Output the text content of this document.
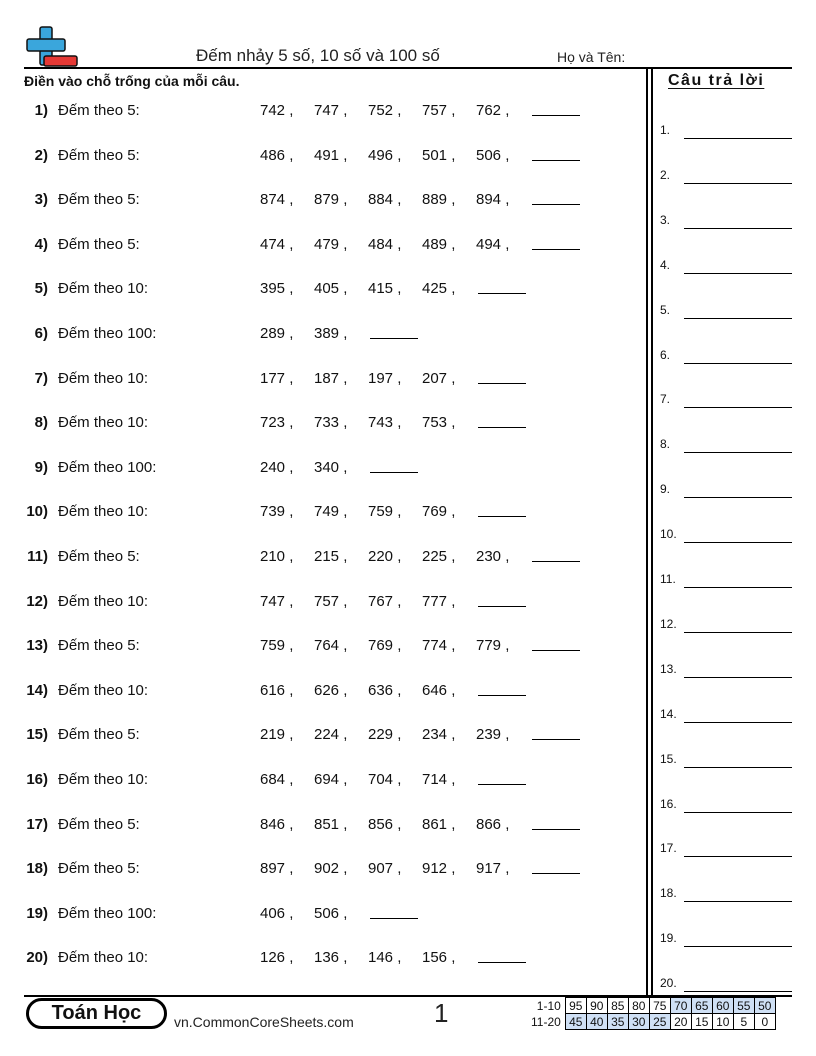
Đếm nhảy 5 số, 10 số và 100 số	Họ và Tên:
Điền vào chỗ trống của mỗi câu.
1) Đếm theo 5:	742 ,	747 ,	752 ,	757 ,	762 ,
2) Đếm theo 5:	486 ,	491 ,	496 ,	501 ,	506 ,
3) Đếm theo 5:	874 ,	879 ,	884 ,	889 ,	894 ,
4) Đếm theo 5:	474 ,	479 ,	484 ,	489 ,	494 ,
5) Đếm theo 10:	395 ,	405 ,	415 ,	425 ,
6) Đếm theo 100:	289 ,	389 ,
7) Đếm theo 10:	177 ,	187 ,	197 ,	207 ,
8) Đếm theo 10:	723 ,	733 ,	743 ,	753 ,
9) Đếm theo 100:	240 ,	340 ,
10) Đếm theo 10:	739 ,	749 ,	759 ,	769 ,
11) Đếm theo 5:	210 ,	215 ,	220 ,	225 ,	230 ,
12) Đếm theo 10:	747 ,	757 ,	767 ,	777 ,
13) Đếm theo 5:	759 ,	764 ,	769 ,	774 ,	779 ,
14) Đếm theo 10:	616 ,	626 ,	636 ,	646 ,
15) Đếm theo 5:	219 ,	224 ,	229 ,	234 ,	239 ,
16) Đếm theo 10:	684 ,	694 ,	704 ,	714 ,
17) Đếm theo 5:	846 ,	851 ,	856 ,	861 ,	866 ,
18) Đếm theo 5:	897 ,	902 ,	907 ,	912 ,	917 ,
19) Đếm theo 100:	406 ,	506 ,
20) Đếm theo 10:	126 ,	136 ,	146 ,	156 ,
Câu trả lời
1.
2.
3.
4.
5.
6.
7.
8.
9.
10.
11.
12.
13.
14.
15.
16.
17.
18.
19.
20.
Toán Học	vn.CommonCoreSheets.com	1	1-10	95	90	85	80	75	70	65	60	55	50
11-20	45	40	35	30	25	20	15	10	5	0
